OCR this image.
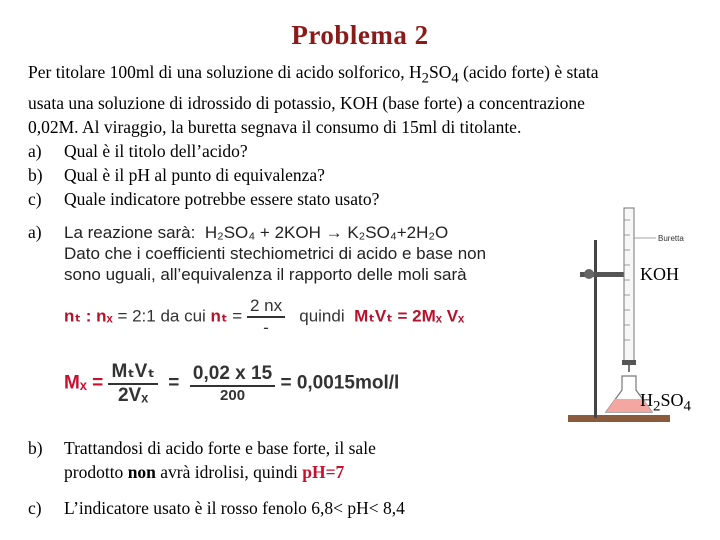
Problema 2
Per titolare 100ml di una soluzione di acido solforico, $H_2SO_4$ (acido forte) è stata
usata una soluzione di idrossido di potassio, KOH (base forte) a concentrazione
0,02M. Al viraggio, la buretta segnava il consumo di 15ml di titolante.
a)	Qual è il titolo dell’acido?
b)	Qual è il pH al punto di equivalenza?
c)	Quale indicatore potrebbe essere stato usato?
a) La reazione sarà: H₂SO₄ + 2KOH → K₂SO₄+2H₂O
Dato che i coefficienti stechiometrici di acido e base non
sono uguali, all’equivalenza il rapporto delle moli sarà
nₜ : nₓ = 2:1 da cui $n_t = \frac{2 nx}{-}$ quindi MₜVₜ = 2Mₓ Vₓ
$M_x = \frac{\text{MₜVₜ}}{\text{2Vₓ}} = \frac{0,02 x 15}{200} = 0,0015mol/l$
Buretta
KOH
$H_2SO_4$
b)	Trattandosi di acido forte e base forte, il sale
prodotto non avrà idrolisi, quindi pH=7
c)	L’indicatore usato è il rosso fenolo 6,8< pH< 8,4
